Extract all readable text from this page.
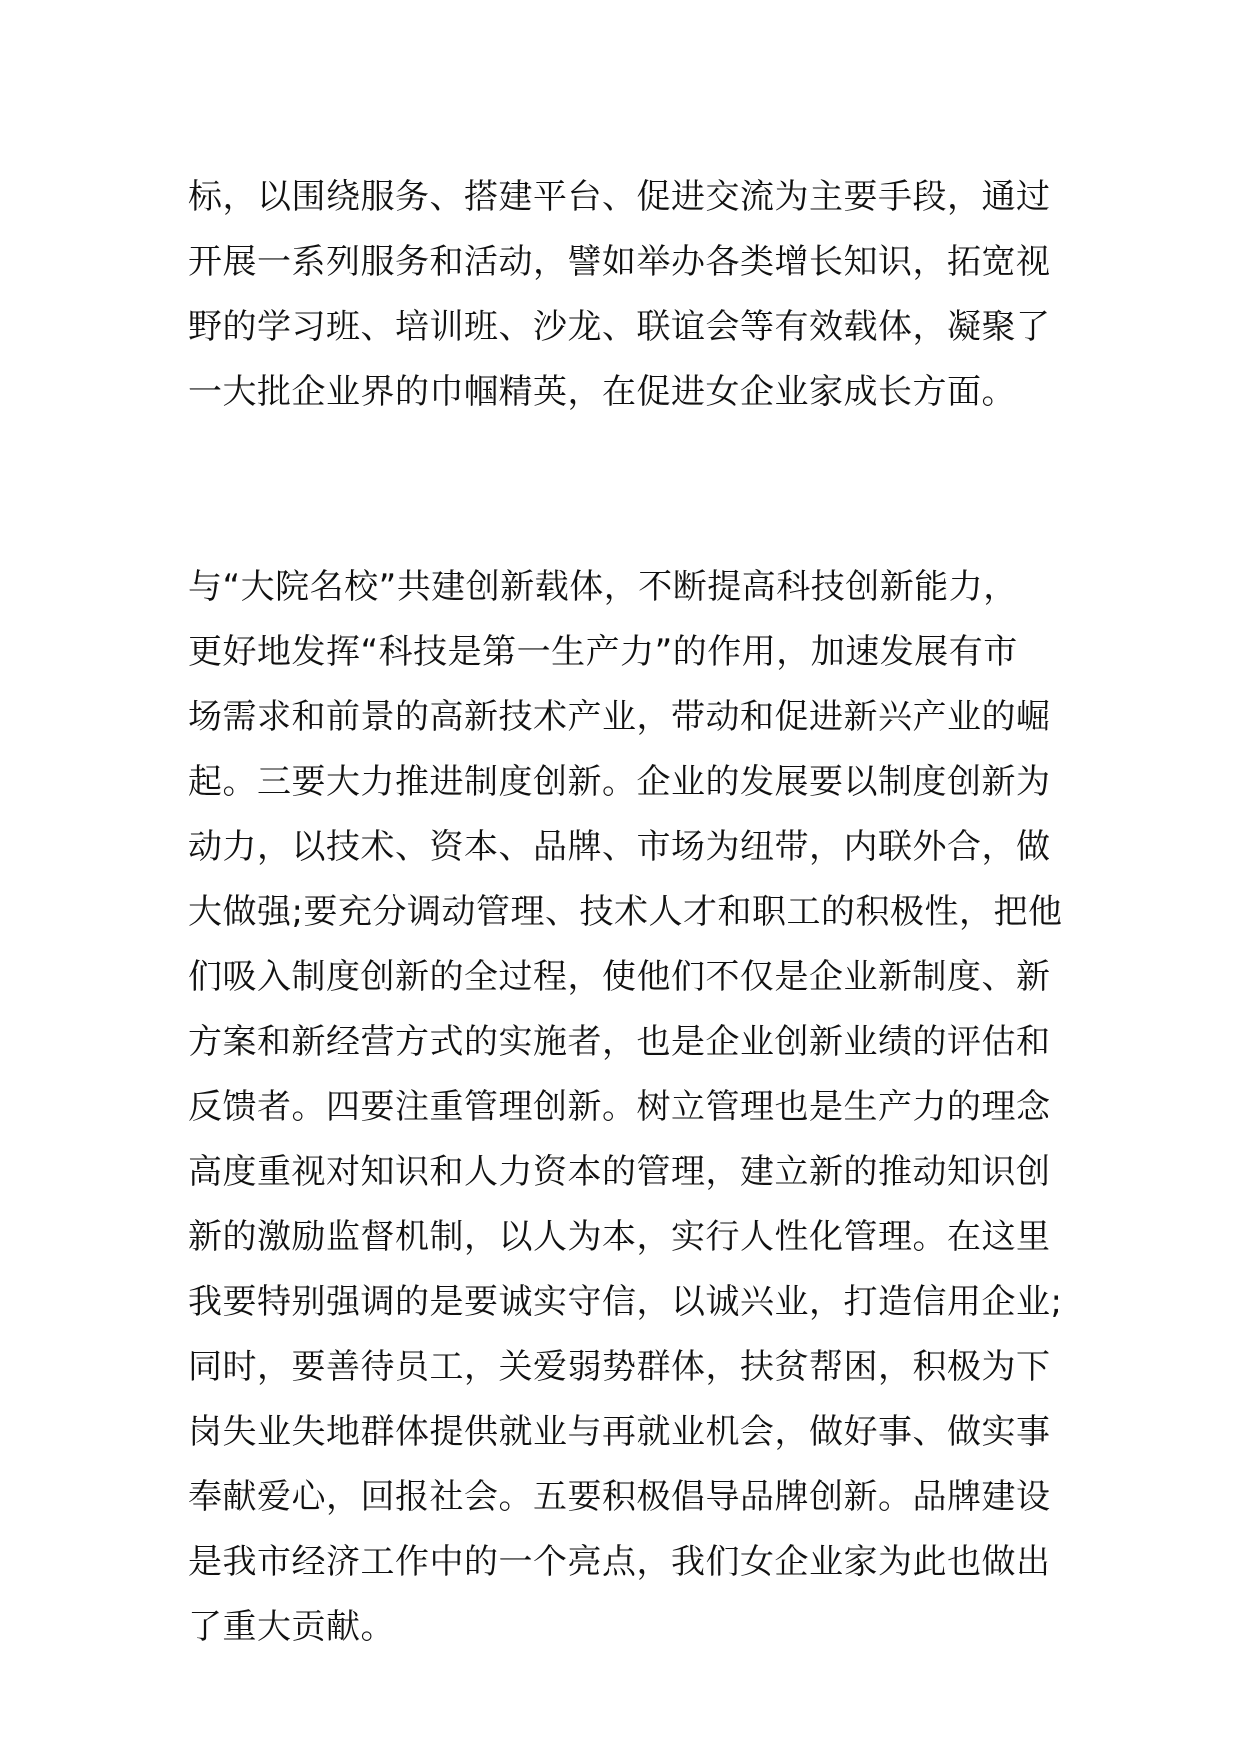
标，以围绕服务、搭建平台、促进交流为主要手段，通过
开展一系列服务和活动，譬如举办各类增长知识，拓宽视
野的学习班、培训班、沙龙、联谊会等有效载体，凝聚了
一大批企业界的巾帼精英，在促进女企业家成长方面。
与“大院名校”共建创新载体，不断提高科技创新能力，
更好地发挥“科技是第一生产力”的作用，加速发展有市
场需求和前景的高新技术产业，带动和促进新兴产业的崛
起。三要大力推进制度创新。企业的发展要以制度创新为
动力，以技术、资本、品牌、市场为纽带，内联外合，做
大做强;要充分调动管理、技术人才和职工的积极性，把他
们吸入制度创新的全过程，使他们不仅是企业新制度、新
方案和新经营方式的实施者，也是企业创新业绩的评估和
反馈者。四要注重管理创新。树立管理也是生产力的理念
高度重视对知识和人力资本的管理，建立新的推动知识创
新的激励监督机制，以人为本，实行人性化管理。在这里
我要特别强调的是要诚实守信，以诚兴业，打造信用企业;
同时，要善待员工，关爱弱势群体，扶贫帮困，积极为下
岗失业失地群体提供就业与再就业机会，做好事、做实事
奉献爱心，回报社会。五要积极倡导品牌创新。品牌建设
是我市经济工作中的一个亮点，我们女企业家为此也做出
了重大贡献。
